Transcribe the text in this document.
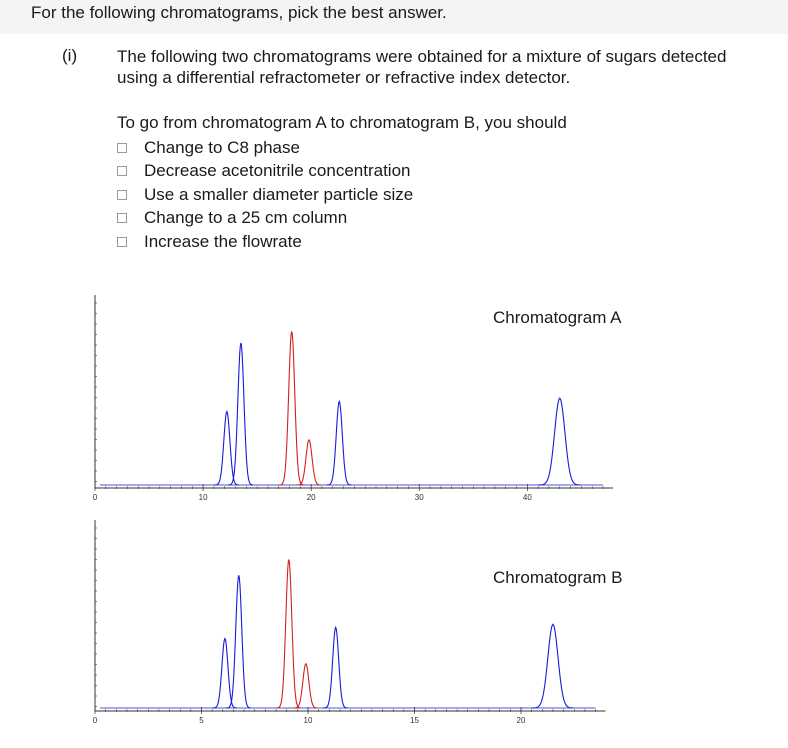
For the following chromatograms, pick the best answer.
(i) The following two chromatograms were obtained for a mixture of sugars detected using a differential refractometer or refractive index detector.
To go from chromatogram A to chromatogram B, you should
Change to C8 phase
Decrease acetonitrile concentration
Use a smaller diameter particle size
Change to a 25 cm column
Increase the flowrate
0	10	20	30	40
Chromatogram A
0	5	10	15	20
Chromatogram B
